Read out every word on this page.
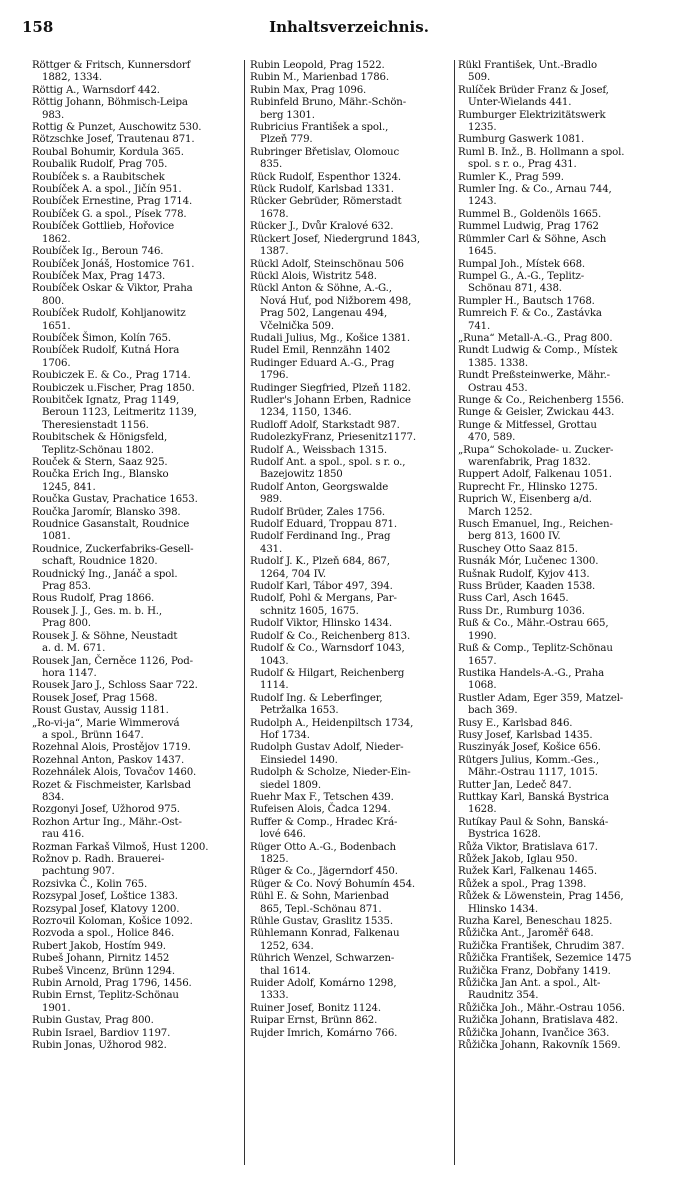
158	Inhaltsverzeichnis.

Röttger & Fritsch, Kunnersdorf

1882, 1334.

Röttig A., Warnsdorf 442.

Röttig Johann, Böhmisch-Leipa

983.

Rottig & Punzet, Auschowitz 530.

Rötzschke Josef, Trautenau 871.

Roubal Bohumir, Kordula 365.

Roubalik Rudolf, Prag 705.

Roubíček s. a Raubitschek

Roubíček A. a spol., Jičín 951.

Roubíček Ernestine, Prag 1714.

Roubíček G. a spol., Písek 778.

Roubíček Gottlieb, Hořovice

1862.

Roubíček Ig., Beroun 746.

Roubíček Jonáš, Hostomice 761.

Roubíček Max, Prag 1473.

Roubíček Oskar & Viktor, Praha

800.

Roubíček Rudolf, Kohljanowitz

1651.

Roubíček Šimon, Kolín 765.

Roubíček Rudolf, Kutná Hora

1706.

Roubiczek E. & Co., Prag 1714.

Roubiczek u.Fischer, Prag 1850.

Roubitček Ignatz, Prag 1149,

Beroun 1123, Leitmeritz 1139,

Theresienstadt 1156.

Roubitschek & Hönigsfeld,

Teplitz-Schönau 1802.

Rouček & Stern, Saaz 925.

Roučka Erich Ing., Blansko

1245, 841.

Roučka Gustav, Prachatice 1653.

Roučka Jaromír, Blansko 398.

Roudnice Gasanstalt, Roudnice

1081.

Roudnice, Zuckerfabriks-Gesell-

schaft, Roudnice 1820.

Roudnický Ing., Janáč a spol.

Prag 853.

Rous Rudolf, Prag 1866.

Rousek J. J., Ges. m. b. H.,

Prag 800.

Rousek J. & Söhne, Neustadt

a. d. M. 671.

Rousek Jan, Černěce 1126, Pod-

hora 1147.

Rousek Jaro J., Schloss Saar 722.

Rousek Josef, Prag 1568.

Roust Gustav, Aussig 1181.

„Ro-vi-ja“, Marie Wimmerová

a spol., Brünn 1647.

Rozehnal Alois, Prostějov 1719.

Rozehnal Anton, Paskov 1437.

Rozehnálek Alois, Tovačov 1460.

Rozet & Fischmeister, Karlsbad

834.

Rozgonyi Josef, Užhorod 975.

Rozhon Artur Ing., Mähr.-Ost-

rau 416.

Rozman Farkaš Vilmoš, Hust 1200.

Rožnov p. Radh. Brauerei-

pachtung 907.

Rozsivka Č., Kolin 765.

Rozsypal Josef, Loštice 1383.

Rozsypal Josef, Klatovy 1200.

Rozточil Koloman, Košice 1092.

Rozvoda a spol., Holice 846.

Rubert Jakob, Hostím 949.

Rubeš Johann, Pirnitz 1452

Rubeš Vincenz, Brünn 1294.

Rubin Arnold, Prag 1796, 1456.

Rubin Ernst, Teplitz-Schönau

1901.

Rubin Gustav, Prag 800.

Rubin Israel, Bardiov 1197.

Rubin Jonas, Užhorod 982.

Rubin Leopold, Prag 1522.

Rubin M., Marienbad 1786.

Rubin Max, Prag 1096.

Rubinfeld Bruno, Mähr.-Schön-

berg 1301.

Rubricius František a spol.,

Plzeň 779.

Rubringer Břetislav, Olomouc

835.

Rück Rudolf, Espenthor 1324.

Rück Rudolf, Karlsbad 1331.

Rücker Gebrüder, Römerstadt

1678.

Rücker J., Dvůr Kralové 632.

Rückert Josef, Niedergrund 1843,

1387.

Rückl Adolf, Steinschönau 506

Rückl Alois, Wistritz 548.

Rückl Anton & Söhne, A.-G.,

Nová Huť, pod Nižborem 498,

Prag 502, Langenau 494,

Včelnička 509.

Rudali Julius, Mg., Košice 1381.

Rudel Emil, Rennzähn 1402

Rudinger Eduard A.-G., Prag

1796.

Rudinger Siegfried, Plzeň 1182.

Rudler's Johann Erben, Radnice

1234, 1150, 1346.

Rudloff Adolf, Starkstadt 987.

RudolezkyFranz, Priesenitz1177.

Rudolf A., Weissbach 1315.

Rudolf Ant. a spol., spol. s r. o.,

Bazejowitz 1850

Rudolf Anton, Georgswalde

989.

Rudolf Brüder, Zales 1756.

Rudolf Eduard, Troppau 871.

Rudolf Ferdinand Ing., Prag

431.

Rudolf J. K., Plzeň 684, 867,

1264, 704 IV.

Rudolf Karl, Tábor 497, 394.

Rudolf, Pohl & Mergans, Par-

schnitz 1605, 1675.

Rudolf Viktor, Hlinsko 1434.

Rudolf & Co., Reichenberg 813.

Rudolf & Co., Warnsdorf 1043,

1043.

Rudolf & Hilgart, Reichenberg

1114.

Rudolf Ing. & Leberfinger,

Petržalka 1653.

Rudolph A., Heidenpiltsch 1734,

Hof 1734.

Rudolph Gustav Adolf, Nieder-

Einsiedel 1490.

Rudolph & Scholze, Nieder-Ein-

siedel 1809.

Ruehr Max F., Tetschen 439.

Rufeisen Alois, Čadca 1294.

Ruffer & Comp., Hradec Krá-

lové 646.

Rüger Otto A.-G., Bodenbach

1825.

Rüger & Co., Jägerndorf 450.

Rüger & Co. Nový Bohumín 454.

Rühl E. & Sohn, Marienbad

865, Tepl.-Schönau 871.

Rühle Gustav, Graslitz 1535.

Rühlemann Konrad, Falkenau

1252, 634.

Rührich Wenzel, Schwarzen-

thal 1614.

Ruider Adolf, Komárno 1298,

1333.

Ruiner Josef, Bonitz 1124.

Ruipar Ernst, Brünn 862.

Rujder Imrich, Komárno 766.

Rükl František, Unt.-Bradlo

509.

Rulíček Brüder Franz & Josef,

Unter-Wielands 441.

Rumburger Elektrizitätswerk

1235.

Rumburg Gaswerk 1081.

Ruml B. Inž., B. Hollmann a spol.

spol. s r. o., Prag 431.

Rumler K., Prag 599.

Rumler Ing. & Co., Arnau 744,

1243.

Rummel B., Goldenöls 1665.

Rummel Ludwig, Prag 1762

Rümmler Carl & Söhne, Asch

1645.

Rumpal Joh., Místek 668.

Rumpel G., A.-G., Teplitz-

Schönau 871, 438.

Rumpler H., Bautsch 1768.

Rumreich F. & Co., Zastávka

741.

„Runa“ Metall-A.-G., Prag 800.

Rundt Ludwig & Comp., Místek

1385. 1338.

Rundt Preßsteinwerke, Mähr.-

Ostrau 453.

Runge & Co., Reichenberg 1556.

Runge & Geisler, Zwickau 443.

Runge & Mitfessel, Grottau

470, 589.

„Rupa“ Schokolade- u. Zucker-

warenfabrik, Prag 1832.

Ruppert Adolf, Falkenau 1051.

Ruprecht Fr., Hlinsko 1275.

Ruprich W., Eisenberg a/d.

March 1252.

Rusch Emanuel, Ing., Reichen-

berg 813, 1600 IV.

Ruschey Otto Saaz 815.

Rusnák Mór, Lučenec 1300.

Rušnak Rudolf, Kyjov 413.

Russ Brüder, Kaaden 1538.

Russ Carl, Asch 1645.

Russ Dr., Rumburg 1036.

Ruß & Co., Mähr.-Ostrau 665,

1990.

Ruß & Comp., Teplitz-Schönau

1657.

Rustika Handels-A.-G., Praha

1068.

Rustler Adam, Eger 359, Matzel-

bach 369.

Rusy E., Karlsbad 846.

Rusy Josef, Karlsbad 1435.

Ruszinyák Josef, Košice 656.

Rütgers Julius, Komm.-Ges.,

Mähr.-Ostrau 1117, 1015.

Rutter Jan, Ledeč 847.

Ruttkay Karl, Banská Bystrica

1628.

Rutíkay Paul & Sohn, Banská-

Bystrica 1628.

Růža Viktor, Bratislava 617.

Růžek Jakob, Iglau 950.

Ružek Karl, Falkenau 1465.

Růžek a spol., Prag 1398.

Růžek & Löwenstein, Prag 1456,

Hlinsko 1434.

Ruzha Karel, Beneschau 1825.

Růžička Ant., Jaroměř 648.

Ružička František, Chrudim 387.

Růžička František, Sezemice 1475

Ružička Franz, Dobřany 1419.

Růžička Jan Ant. a spol., Alt-

Raudnitz 354.

Růžička Joh., Mähr.-Ostrau 1056.

Ružička Johann, Bratislava 482.

Růžička Johann, Ivančice 363.

Růžička Johann, Rakovník 1569.
